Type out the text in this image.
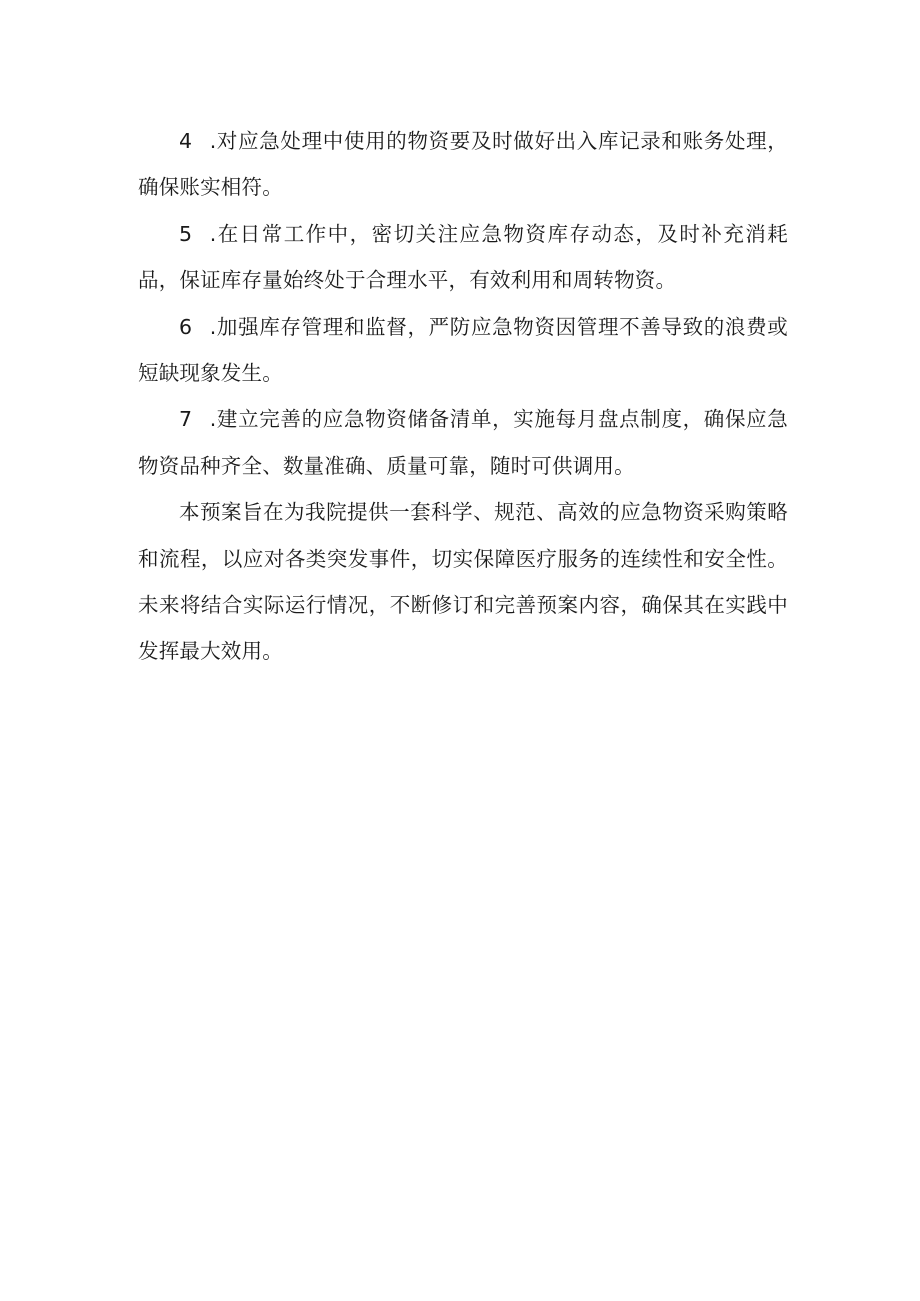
4 .对应急处理中使用的物资要及时做好出入库记录和账务处理，确保账实相符。

5 .在日常工作中，密切关注应急物资库存动态，及时补充消耗品，保证库存量始终处于合理水平，有效利用和周转物资。

6 .加强库存管理和监督，严防应急物资因管理不善导致的浪费或短缺现象发生。

7 .建立完善的应急物资储备清单，实施每月盘点制度，确保应急物资品种齐全、数量准确、质量可靠，随时可供调用。

本预案旨在为我院提供一套科学、规范、高效的应急物资采购策略和流程，以应对各类突发事件，切实保障医疗服务的连续性和安全性。未来将结合实际运行情况，不断修订和完善预案内容，确保其在实践中发挥最大效用。
